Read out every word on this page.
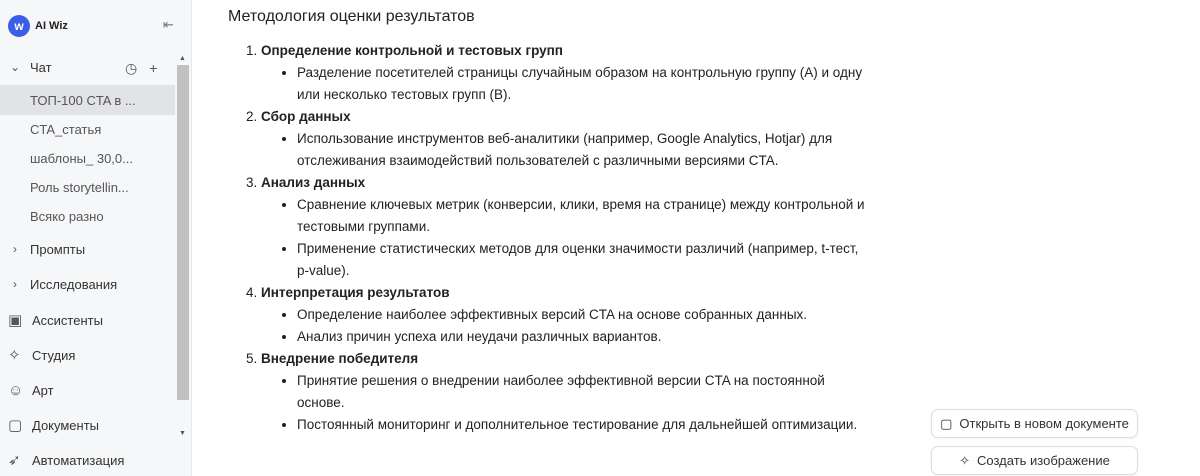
w	AI Wiz	⇤
⌄ Чат	◷ +
ТОП-100 CTA в ...
CTA_статья
шаблоны_ 30,0...
Роль storytellin...
Всяко разно
›	Промпты
›	Исследования
▣ Ассистенты
✧ Студия
☺ Арт
▢ Документы
➶ Автоматизация
▲
▼
Методология оценки результатов
1. Определение контрольной и тестовых групп
• Разделение посетителей страницы случайным образом на контрольную группу (A) и одну или несколько тестовых групп (B).
2. Сбор данных
• Использование инструментов веб-аналитики (например, Google Analytics, Hotjar) для отслеживания взаимодействий пользователей с различными версиями CTA.
3. Анализ данных
• Сравнение ключевых метрик (конверсии, клики, время на странице) между контрольной и тестовыми группами.
• Применение статистических методов для оценки значимости различий (например, t-тест, p-value).
4. Интерпретация результатов
• Определение наиболее эффективных версий CTA на основе собранных данных.
• Анализ причин успеха или неудачи различных вариантов.
5. Внедрение победителя
• Принятие решения о внедрении наиболее эффективной версии CTA на постоянной основе.
• Постоянный мониторинг и дополнительное тестирование для дальнейшей оптимизации.	▢ Открыть в новом документе
✧ Создать изображение
